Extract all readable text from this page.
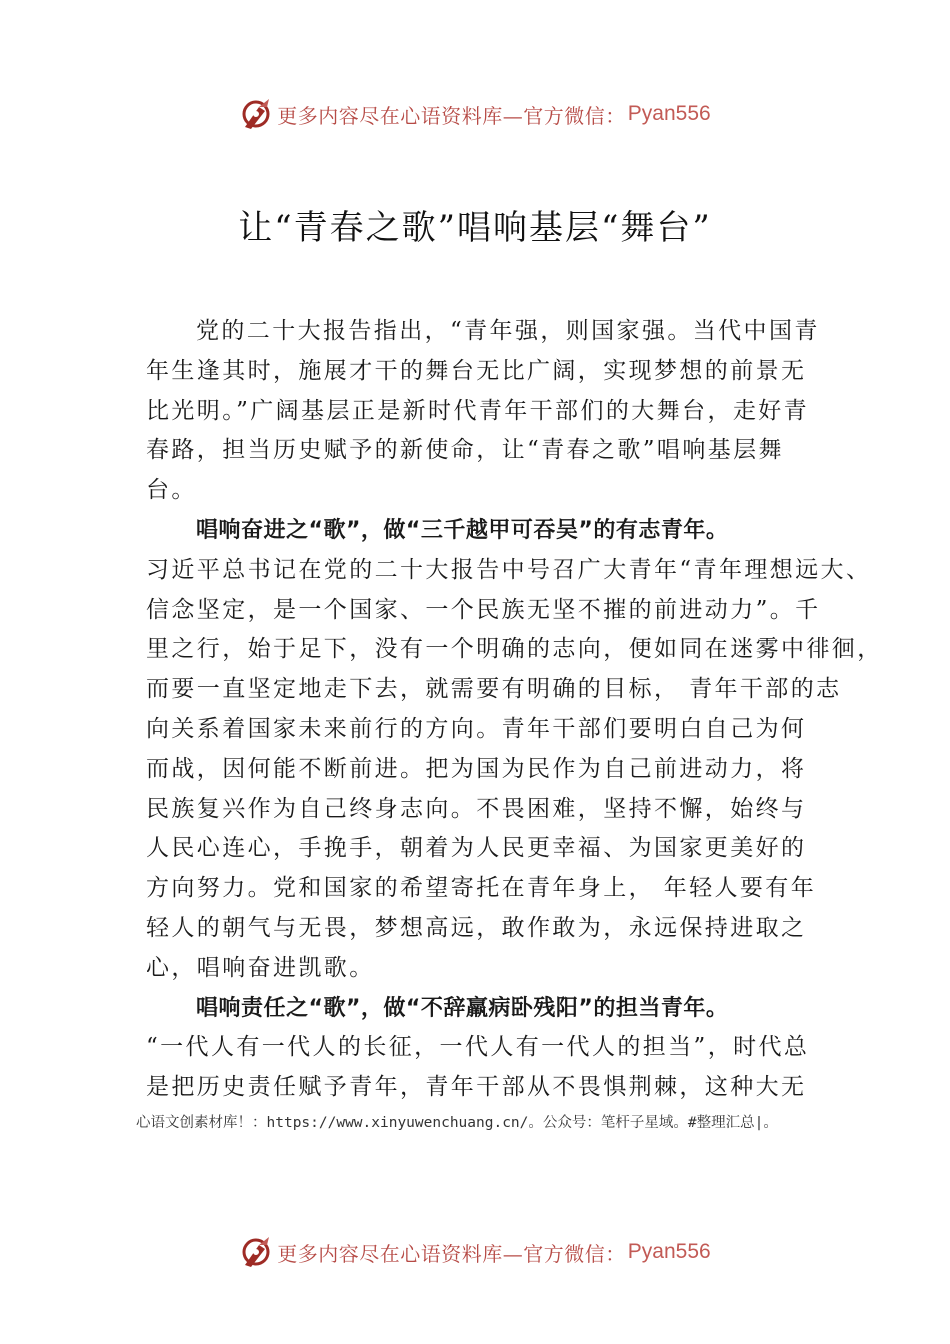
更多内容尽在心语资料库—官方微信： Pyan556
让“青春之歌”唱响基层“舞台”
党的二十大报告指出，“青年强，则国家强。当代中国青
年生逢其时，施展才干的舞台无比广阔，实现梦想的前景无
比光明。”广阔基层正是新时代青年干部们的大舞台，走好青
春路，担当历史赋予的新使命，让“青春之歌”唱响基层舞
台。
唱响奋进之“歌”，做“三千越甲可吞吴”的有志青年。
习近平总书记在党的二十大报告中号召广大青年“青年理想远大、
信念坚定，是一个国家、一个民族无坚不摧的前进动力”。千
里之行，始于足下，没有一个明确的志向，便如同在迷雾中徘徊，
而要一直坚定地走下去，就需要有明确的目标， 青年干部的志
向关系着国家未来前行的方向。青年干部们要明白自己为何
而战，因何能不断前进。把为国为民作为自己前进动力，将
民族复兴作为自己终身志向。不畏困难，坚持不懈，始终与
人民心连心，手挽手，朝着为人民更幸福、为国家更美好的
方向努力。党和国家的希望寄托在青年身上， 年轻人要有年
轻人的朝气与无畏，梦想高远，敢作敢为，永远保持进取之
心，唱响奋进凯歌。
唱响责任之“歌”，做“不辞羸病卧残阳”的担当青年。
“一代人有一代人的长征，一代人有一代人的担当”，时代总
是把历史责任赋予青年，青年干部从不畏惧荆棘，这种大无
心语文创素材库！：https://www.xinyuwenchuang.cn/。公众号：笔杆子星域。#整理汇总|。
更多内容尽在心语资料库—官方微信： Pyan556
